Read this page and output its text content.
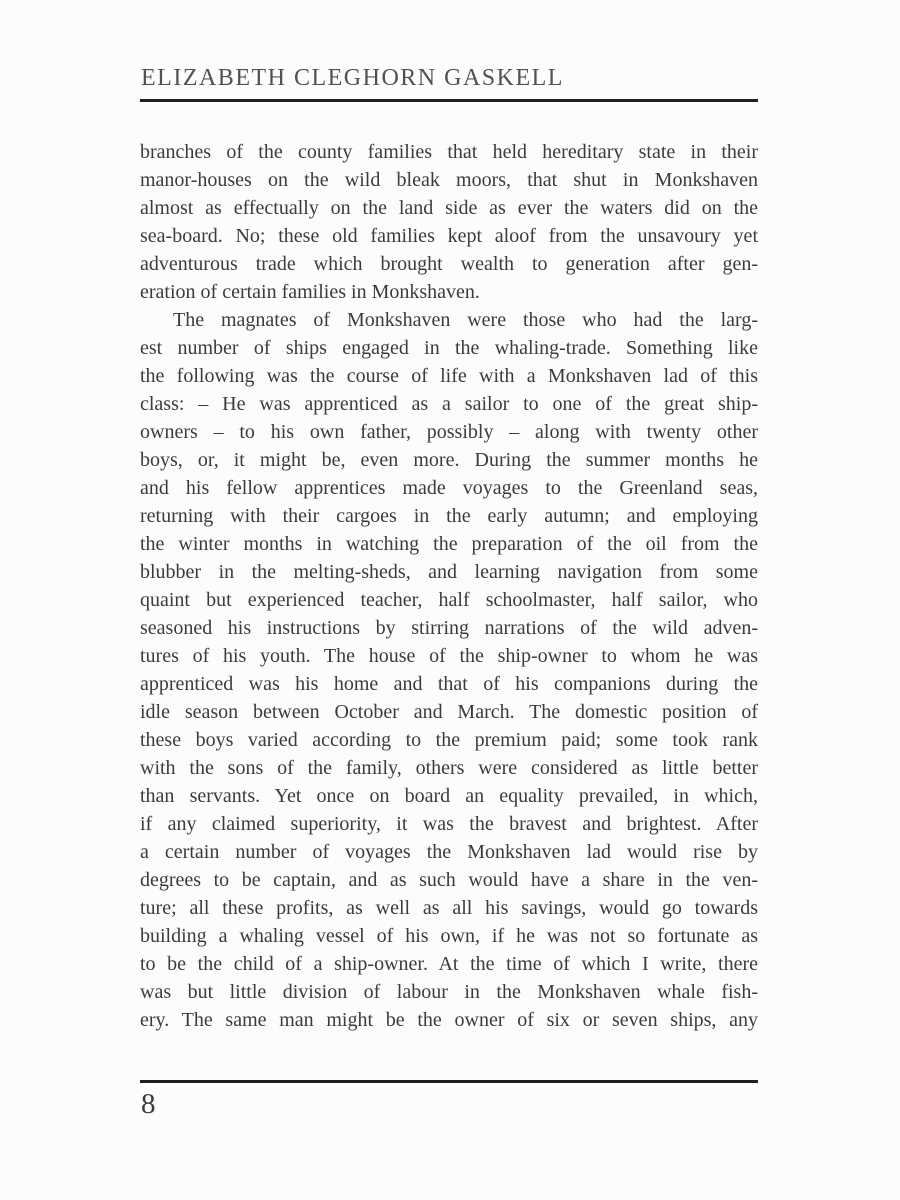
ELIZABETH CLEGHORN GASKELL
branches of the county families that held hereditary state in their
manor-houses on the wild bleak moors, that shut in Monkshaven
almost as effectually on the land side as ever the waters did on the
sea-board. No; these old families kept aloof from the unsavoury yet
adventurous trade which brought wealth to generation after gen-
eration of certain families in Monkshaven.
The magnates of Monkshaven were those who had the larg-
est number of ships engaged in the whaling-trade. Something like
the following was the course of life with a Monkshaven lad of this
class: – He was apprenticed as a sailor to one of the great ship-
owners – to his own father, possibly – along with twenty other
boys, or, it might be, even more. During the summer months he
and his fellow apprentices made voyages to the Greenland seas,
returning with their cargoes in the early autumn; and employing
the winter months in watching the preparation of the oil from the
blubber in the melting-sheds, and learning navigation from some
quaint but experienced teacher, half schoolmaster, half sailor, who
seasoned his instructions by stirring narrations of the wild adven-
tures of his youth. The house of the ship-owner to whom he was
apprenticed was his home and that of his companions during the
idle season between October and March. The domestic position of
these boys varied according to the premium paid; some took rank
with the sons of the family, others were considered as little better
than servants. Yet once on board an equality prevailed, in which,
if any claimed superiority, it was the bravest and brightest. After
a certain number of voyages the Monkshaven lad would rise by
degrees to be captain, and as such would have a share in the ven-
ture; all these profits, as well as all his savings, would go towards
building a whaling vessel of his own, if he was not so fortunate as
to be the child of a ship-owner. At the time of which I write, there
was but little division of labour in the Monkshaven whale fish-
ery. The same man might be the owner of six or seven ships, any
8
